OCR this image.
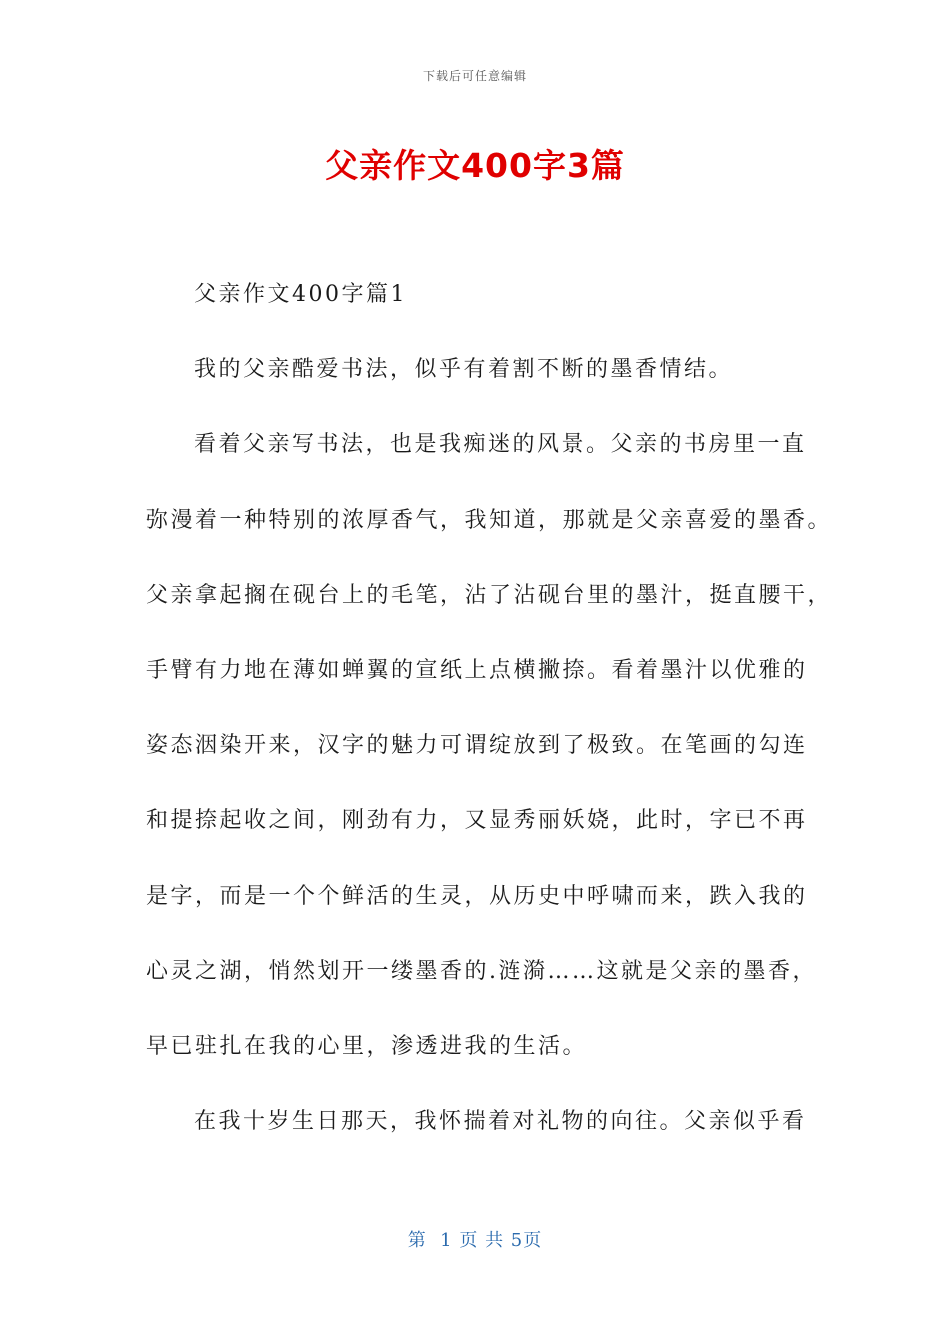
下载后可任意编辑
父亲作文400字3篇
父亲作文400字篇1
我的父亲酷爱书法，似乎有着割不断的墨香情结。
看着父亲写书法，也是我痴迷的风景。父亲的书房里一直
弥漫着一种特别的浓厚香气，我知道，那就是父亲喜爱的墨香。
父亲拿起搁在砚台上的毛笔，沾了沾砚台里的墨汁，挺直腰干，
手臂有力地在薄如蝉翼的宣纸上点横撇捺。看着墨汁以优雅的
姿态洇染开来，汉字的魅力可谓绽放到了极致。在笔画的勾连
和提捺起收之间，刚劲有力，又显秀丽妖娆，此时，字已不再
是字，而是一个个鲜活的生灵，从历史中呼啸而来，跌入我的
心灵之湖，悄然划开一缕墨香的.涟漪……这就是父亲的墨香，
早已驻扎在我的心里，渗透进我的生活。
在我十岁生日那天，我怀揣着对礼物的向往。父亲似乎看
第  1 页 共 5页
